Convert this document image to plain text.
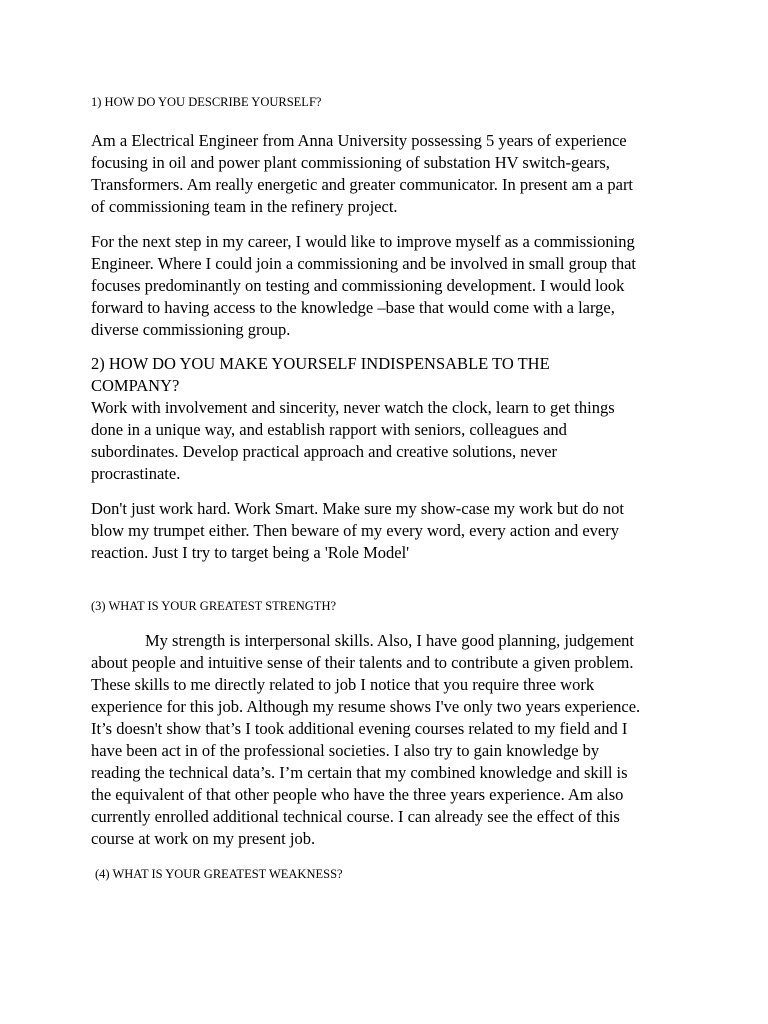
1) HOW DO YOU DESCRIBE YOURSELF?

Am a Electrical Engineer from Anna University possessing 5 years of experience
focusing in oil and power plant commissioning of substation HV switch-gears,
Transformers. Am really energetic and greater communicator. In present am a part
of commissioning team in the refinery project.

For the next step in my career, I would like to improve myself as a commissioning
Engineer. Where I could join a commissioning and be involved in small group that
focuses predominantly on testing and commissioning development. I would look
forward to having access to the knowledge –base that would come with a large,
diverse commissioning group.

2) HOW DO YOU MAKE YOURSELF INDISPENSABLE TO THE
COMPANY?

Work with involvement and sincerity, never watch the clock, learn to get things
done in a unique way, and establish rapport with seniors, colleagues and
subordinates. Develop practical approach and creative solutions, never
procrastinate.

Don't just work hard. Work Smart. Make sure my show-case my work but do not
blow my trumpet either. Then beware of my every word, every action and every
reaction. Just I try to target being a 'Role Model'

(3) WHAT IS YOUR GREATEST STRENGTH?

My strength is interpersonal skills. Also, I have good planning, judgement
about people and intuitive sense of their talents and to contribute a given problem.
These skills to me directly related to job I notice that you require three work
experience for this job. Although my resume shows I've only two years experience.
It’s doesn't show that’s I took additional evening courses related to my field and I
have been act in of the professional societies. I also try to gain knowledge by
reading the technical data’s. I’m certain that my combined knowledge and skill is
the equivalent of that other people who have the three years experience. Am also
currently enrolled additional technical course. I can already see the effect of this
course at work on my present job.

(4) WHAT IS YOUR GREATEST WEAKNESS?
